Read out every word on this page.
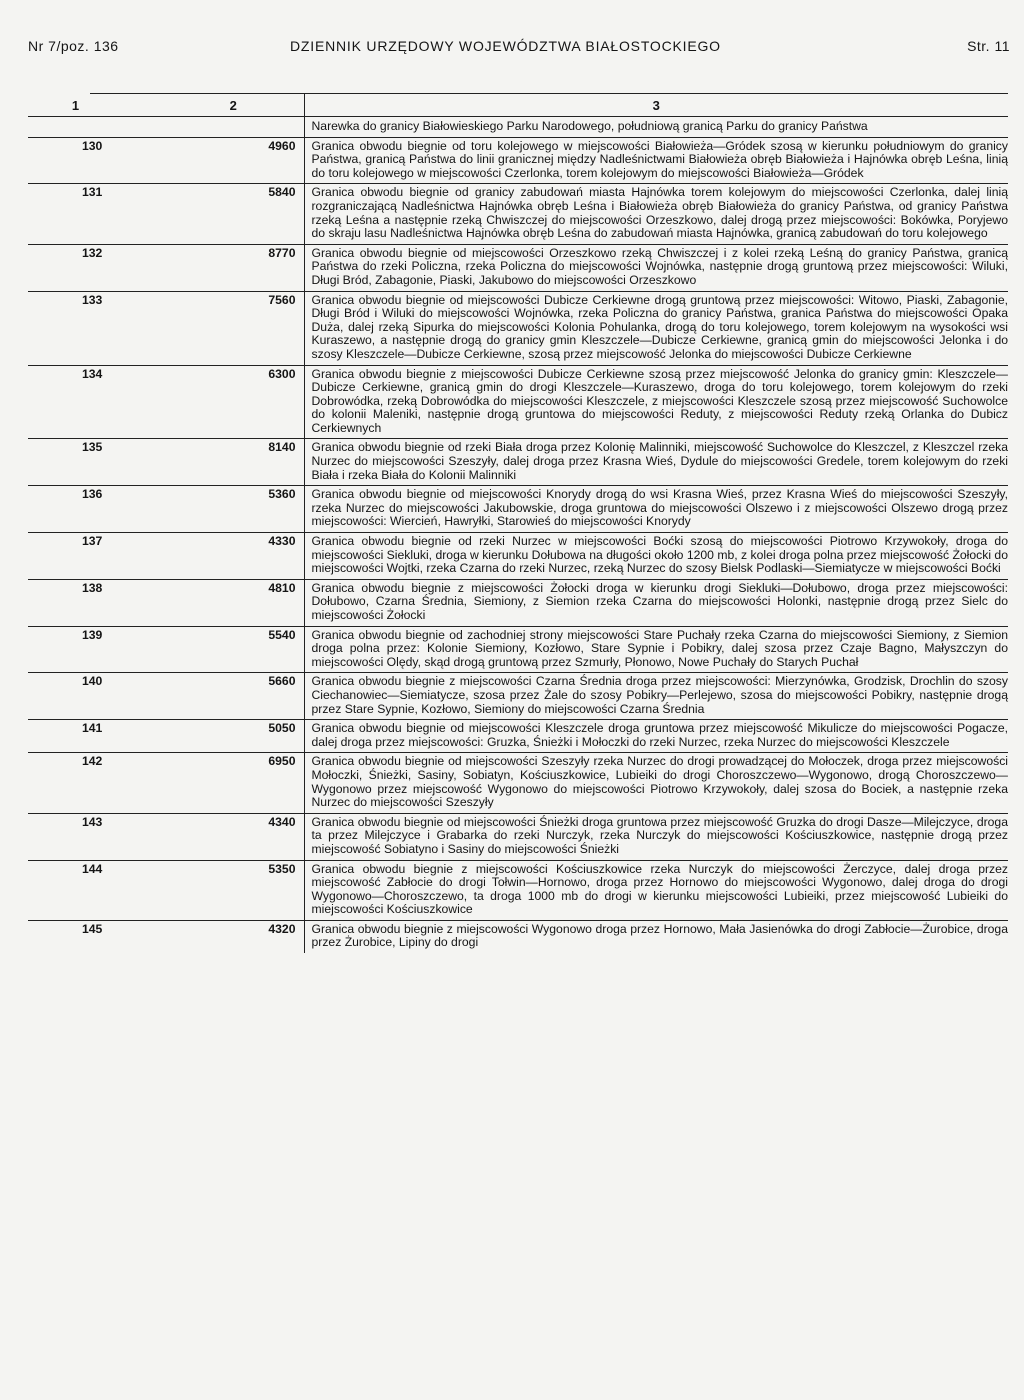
Nr 7/poz. 136	DZIENNIK URZĘDOWY WOJEWÓDZTWA BIAŁOSTOCKIEGO	Str. 11
1	2	3
		Narewka do granicy Białowieskiego Parku Narodowego, południową granicą Parku do granicy Państwa
130	4960	Granica obwodu biegnie od toru kolejowego w miejscowości Białowieża—Gródek szosą w kierunku południowym do granicy Państwa, granicą Państwa do linii granicznej między Nadleśnictwami Białowieża obręb Białowieża i Hajnówka obręb Leśna, linią do toru kolejowego w miejscowości Czerlonka, torem kolejowym do miejscowości Białowieża—Gródek
131	5840	Granica obwodu biegnie od granicy zabudowań miasta Hajnówka torem kolejowym do miejscowości Czerlonka, dalej linią rozgraniczającą Nadleśnictwa Hajnówka obręb Leśna i Białowieża obręb Białowieża do granicy Państwa, od granicy Państwa rzeką Leśna a następnie rzeką Chwiszczej do miejscowości Orzeszkowo, dalej drogą przez miejscowości: Bokówka, Poryjewo do skraju lasu Nadleśnictwa Hajnówka obręb Leśna do zabudowań miasta Hajnówka, granicą zabudowań do toru kolejowego
132	8770	Granica obwodu biegnie od miejscowości Orzeszkowo rzeką Chwiszczej i z kolei rzeką Leśną do granicy Państwa, granicą Państwa do rzeki Policzna, rzeka Policzna do miejscowości Wojnówka, następnie drogą gruntową przez miejscowości: Wiluki, Długi Bród, Zabagonie, Piaski, Jakubowo do miejscowości Orzeszkowo
133	7560	Granica obwodu biegnie od miejscowości Dubicze Cerkiewne drogą gruntową przez miejscowości: Witowo, Piaski, Zabagonie, Długi Bród i Wiluki do miejscowości Wojnówka, rzeka Policzna do granicy Państwa, granica Państwa do miejscowości Opaka Duża, dalej rzeką Sipurka do miejscowości Kolonia Pohulanka, drogą do toru kolejowego, torem kolejowym na wysokości wsi Kuraszewo, a następnie drogą do granicy gmin Kleszczele—Dubicze Cerkiewne, granicą gmin do miejscowości Jelonka i do szosy Kleszczele—Dubicze Cerkiewne, szosą przez miejscowość Jelonka do miejscowości Dubicze Cerkiewne
134	6300	Granica obwodu biegnie z miejscowości Dubicze Cerkiewne szosą przez miejscowość Jelonka do granicy gmin: Kleszczele—Dubicze Cerkiewne, granicą gmin do drogi Kleszczele—Kuraszewo, droga do toru kolejowego, torem kolejowym do rzeki Dobrowódka, rzeką Dobrowódka do miejscowości Kleszczele, z miejscowości Kleszczele szosą przez miejscowość Suchowolce do kolonii Maleniki, następnie drogą gruntowa do miejscowości Reduty, z miejscowości Reduty rzeką Orlanka do Dubicz Cerkiewnych
135	8140	Granica obwodu biegnie od rzeki Biała droga przez Kolonię Malinniki, miejscowość Suchowolce do Kleszczel, z Kleszczel rzeka Nurzec do miejscowości Szeszyły, dalej droga przez Krasna Wieś, Dydule do miejscowości Gredele, torem kolejowym do rzeki Biała i rzeka Biała do Kolonii Malinniki
136	5360	Granica obwodu biegnie od miejscowości Knorydy drogą do wsi Krasna Wieś, przez Krasna Wieś do miejscowości Szeszyły, rzeka Nurzec do miejscowości Jakubowskie, droga gruntowa do miejscowości Olszewo i z miejscowości Olszewo drogą przez miejscowości: Wiercień, Hawryłki, Starowieś do miejscowości Knorydy
137	4330	Granica obwodu biegnie od rzeki Nurzec w miejscowości Boćki szosą do miejscowości Piotrowo Krzywokoły, droga do miejscowości Siekluki, droga w kierunku Dołubowa na długości około 1200 mb, z kolei droga polna przez miejscowość Żołocki do miejscowości Wojtki, rzeka Czarna do rzeki Nurzec, rzeką Nurzec do szosy Bielsk Podlaski—Siemiatycze w miejscowości Boćki
138	4810	Granica obwodu biegnie z miejscowości Żołocki droga w kierunku drogi Siekluki—Dołubowo, droga przez miejscowości: Dołubowo, Czarna Średnia, Siemiony, z Siemion rzeka Czarna do miejscowości Holonki, następnie drogą przez Sielc do miejscowości Żołocki
139	5540	Granica obwodu biegnie od zachodniej strony miejscowości Stare Puchały rzeka Czarna do miejscowości Siemiony, z Siemion droga polna przez: Kolonie Siemiony, Kozłowo, Stare Sypnie i Pobikry, dalej szosa przez Czaje Bagno, Małyszczyn do miejscowości Olędy, skąd drogą gruntową przez Szmurły, Płonowo, Nowe Puchały do Starych Puchał
140	5660	Granica obwodu biegnie z miejscowości Czarna Średnia droga przez miejscowości: Mierzynówka, Grodzisk, Drochlin do szosy Ciechanowiec—Siemiatycze, szosa przez Żale do szosy Pobikry—Perlejewo, szosa do miejscowości Pobikry, następnie drogą przez Stare Sypnie, Kozłowo, Siemiony do miejscowości Czarna Średnia
141	5050	Granica obwodu biegnie od miejscowości Kleszczele droga gruntowa przez miejscowość Mikulicze do miejscowości Pogacze, dalej droga przez miejscowości: Gruzka, Śnieżki i Mołoczki do rzeki Nurzec, rzeka Nurzec do miejscowości Kleszczele
142	6950	Granica obwodu biegnie od miejscowości Szeszyły rzeka Nurzec do drogi prowadzącej do Mołoczek, droga przez miejscowości Mołoczki, Śnieżki, Sasiny, Sobiatyn, Kościuszkowice, Lubieiki do drogi Choroszczewo—Wygonowo, drogą Choroszczewo—Wygonowo przez miejscowość Wygonowo do miejscowości Piotrowo Krzywokoły, dalej szosa do Bociek, a następnie rzeka Nurzec do miejscowości Szeszyły
143	4340	Granica obwodu biegnie od miejscowości Śnieżki droga gruntowa przez miejscowość Gruzka do drogi Dasze—Milejczyce, droga ta przez Milejczyce i Grabarka do rzeki Nurczyk, rzeka Nurczyk do miejscowości Kościuszkowice, następnie drogą przez miejscowość Sobiatyno i Sasiny do miejscowości Śnieżki
144	5350	Granica obwodu biegnie z miejscowości Kościuszkowice rzeka Nurczyk do miejscowości Żerczyce, dalej droga przez miejscowość Zabłocie do drogi Tołwin—Hornowo, droga przez Hornowo do miejscowości Wygonowo, dalej droga do drogi Wygonowo—Choroszczewo, ta droga 1000 mb do drogi w kierunku miejscowości Lubieiki, przez miejscowość Lubieiki do miejscowości Kościuszkowice
145	4320	Granica obwodu biegnie z miejscowości Wygonowo droga przez Hornowo, Mała Jasienówka do drogi Zabłocie—Żurobice, droga przez Żurobice, Lipiny do drogi
